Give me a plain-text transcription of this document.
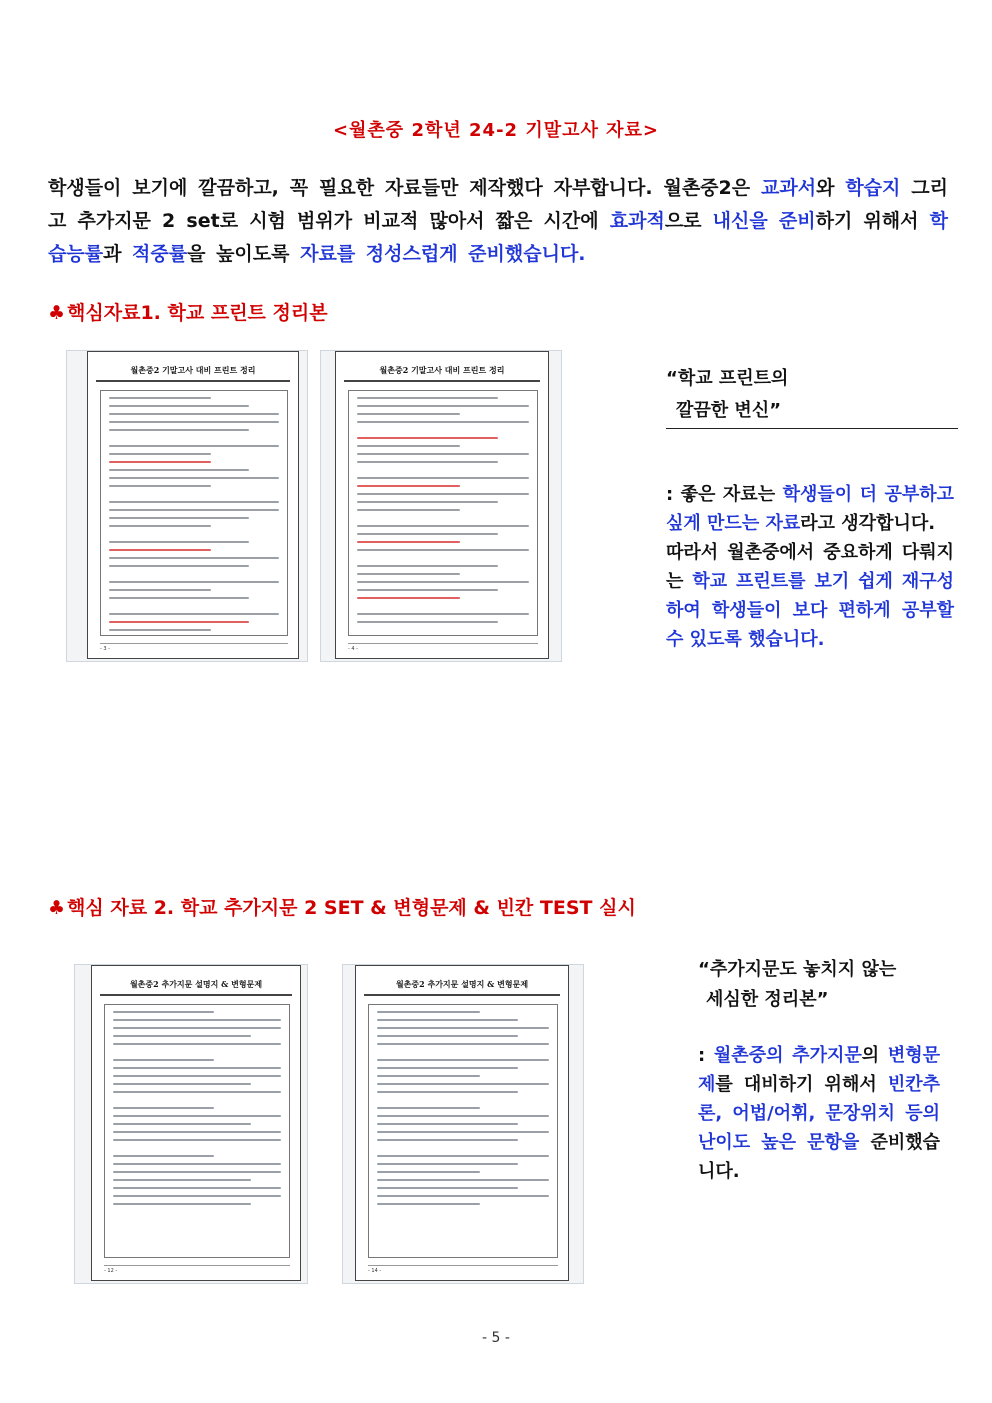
<월촌중 2학년 24-2 기말고사 자료>
학생들이 보기에 깔끔하고, 꼭 필요한 자료들만 제작했다 자부합니다. 월촌중2은 교과서와 학습지 그리고 추가지문 2 set로 시험 범위가 비교적 많아서 짧은 시간에 효과적으로 내신을 준비하기 위해서 학습능률과 적중률을 높이도록 자료를 정성스럽게 준비했습니다.
♣ 핵심자료1. 학교 프린트 정리본
월촌중2 기말고사 대비 프린트 정리
- 3 -
월촌중2 기말고사 대비 프린트 정리
- 4 -
“학교 프린트의
깔끔한 변신”
: 좋은 자료는 학생들이 더 공부하고 싶게 만드는 자료라고 생각합니다.
따라서 월촌중에서 중요하게 다뤄지는 학교 프린트를 보기 쉽게 재구성하여 학생들이 보다 편하게 공부할 수 있도록 했습니다.
♣ 핵심 자료 2. 학교 추가지문 2 SET & 변형문제 & 빈칸 TEST 실시
월촌중2 추가지문 설명지 & 변형문제
- 12 -
월촌중2 추가지문 설명지 & 변형문제
- 14 -
“추가지문도 놓치지 않는
세심한 정리본”
: 월촌중의 추가지문의 변형문제를 대비하기 위해서 빈칸추론, 어법/어휘, 문장위치 등의 난이도 높은 문항을 준비했습니다.
- 5 -
